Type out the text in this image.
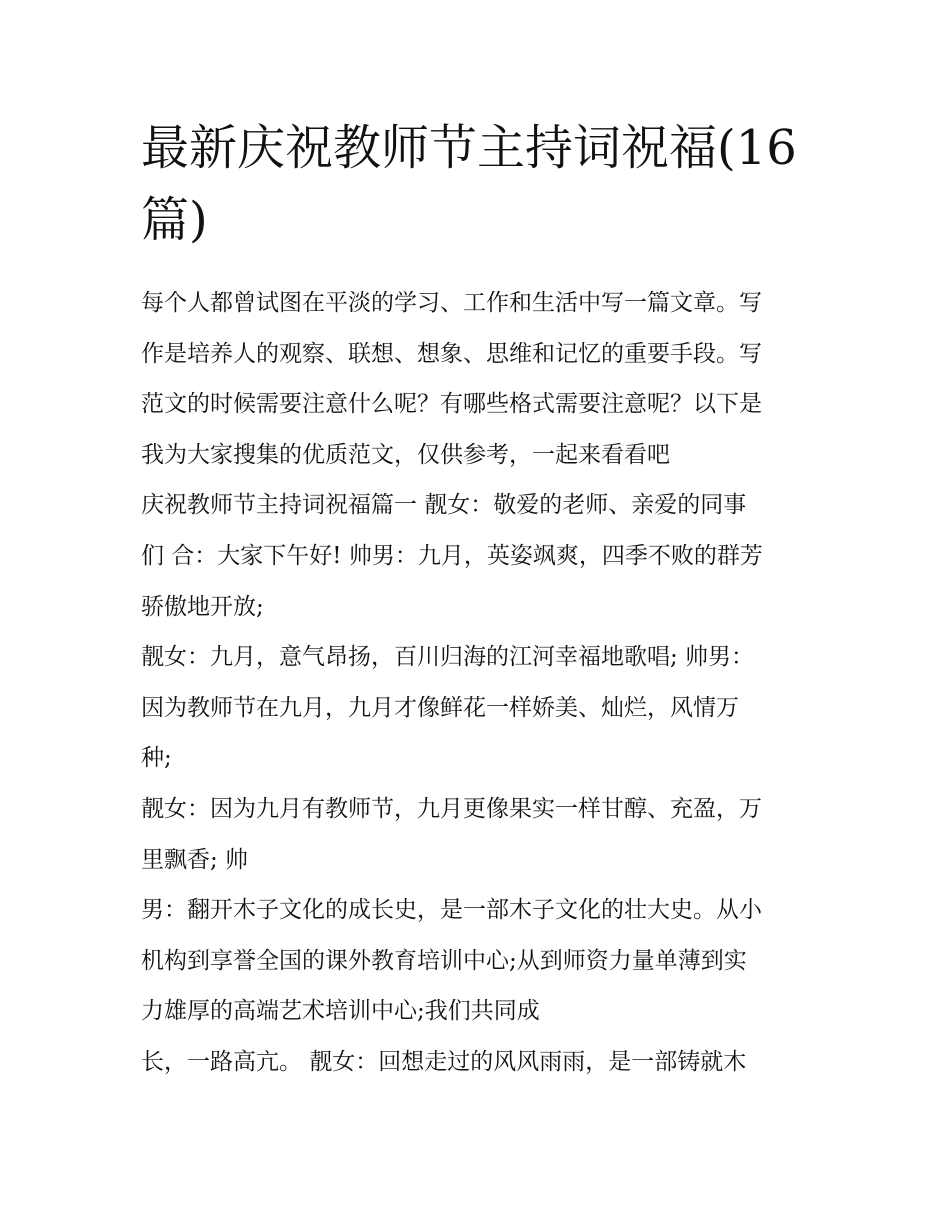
最新庆祝教师节主持词祝福(16
篇)
每个人都曾试图在平淡的学习、工作和生活中写一篇文章。写
作是培养人的观察、联想、想象、思维和记忆的重要手段。写
范文的时候需要注意什么呢？有哪些格式需要注意呢？以下是
我为大家搜集的优质范文，仅供参考，一起来看看吧
庆祝教师节主持词祝福篇一 靓女：敬爱的老师、亲爱的同事
们 合：大家下午好! 帅男：九月，英姿飒爽，四季不败的群芳
骄傲地开放;
靓女：九月，意气昂扬，百川归海的江河幸福地歌唱; 帅男：
因为教师节在九月，九月才像鲜花一样娇美、灿烂，风情万
种;
靓女：因为九月有教师节，九月更像果实一样甘醇、充盈，万
里飘香; 帅
男：翻开木子文化的成长史，是一部木子文化的壮大史。从小
机构到享誉全国的课外教育培训中心;从到师资力量单薄到实
力雄厚的高端艺术培训中心;我们共同成
长，一路高亢。 靓女：回想走过的风风雨雨，是一部铸就木
